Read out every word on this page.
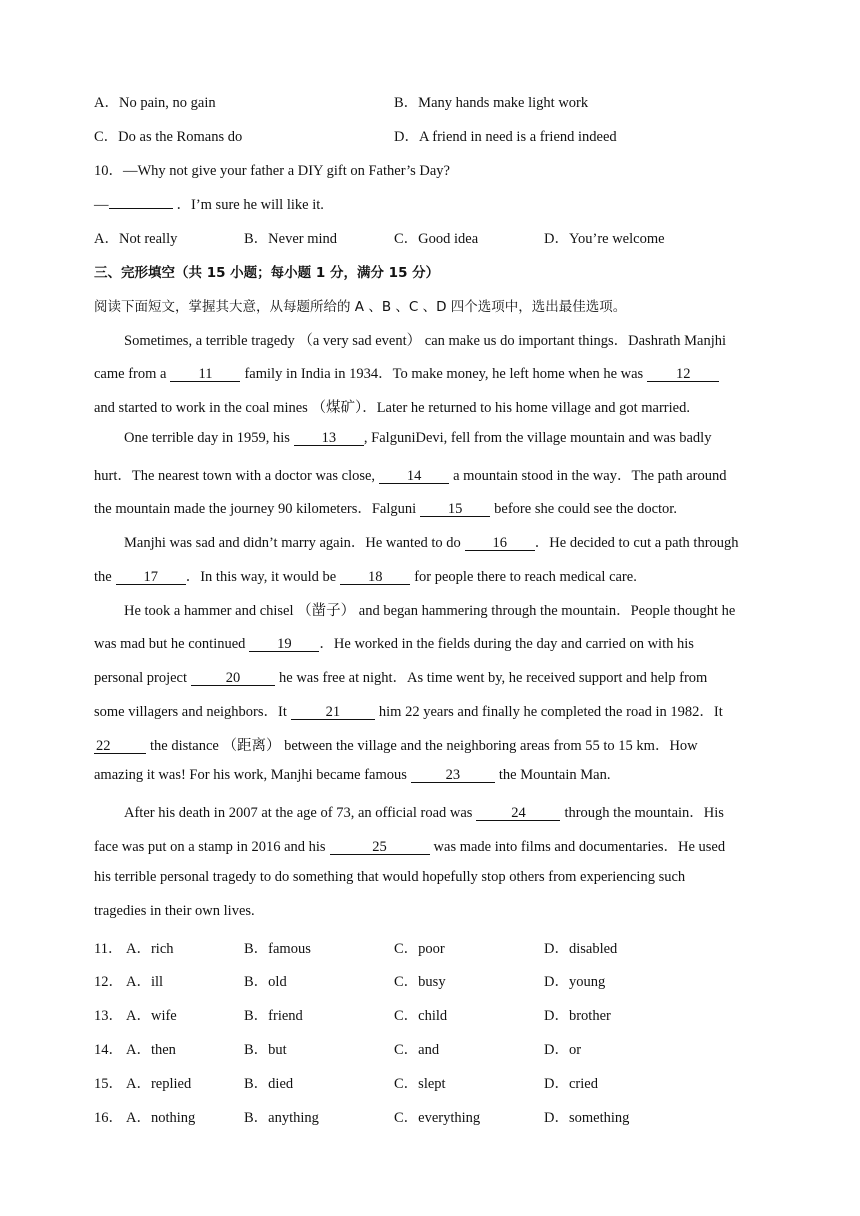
A．No pain, no gain	B．Many hands make light work
C．Do as the Romans do	D．A friend in need is a friend indeed
10．—Why not give your father a DIY gift on Father’s Day?
—	．I’m sure he will like it.
A．Not really	B．Never mind	C．Good idea	D．You’re welcome
三、完形填空（共 15 小题；每小题 1 分，满分 15 分）
阅读下面短文，掌握其大意，从每题所给的 A 、B 、C 、D 四个选项中，选出最佳选项。
Sometimes, a terrible tragedy （a very sad event） can make us do important things．Dashrath Manjhi
came from a 11 family in India in 1934．To make money, he left home when he was 12
and started to work in the coal mines （煤矿）．Later he returned to his home village and got married.
One terrible day in 1959, his 13 , FalguniDevi, fell from the village mountain and was badly
hurt．The nearest town with a doctor was close, 14 a mountain stood in the way．The path around
the mountain made the journey 90 kilometers．Falguni 15 before she could see the doctor.
Manjhi was sad and didn’t marry again．He wanted to do 16 ．He decided to cut a path through
the 17 ．In this way, it would be 18 for people there to reach medical care.
He took a hammer and chisel （凿子） and began hammering through the mountain．People thought he
was mad but he continued 19 ．He worked in the fields during the day and carried on with his
personal project	20	he was free at night．As time went by, he received support and help from
some villagers and neighbors．It	21	him 22 years and finally he completed the road in 1982．It
22	the distance （距离） between the village and the neighboring areas from 55 to 15 km．How
amazing it was! For his work, Manjhi became famous	23	the Mountain Man.
After his death in 2007 at the age of 73, an official road was	24	through the mountain．His
face was put on a stamp in 2016 and his	25	was made into films and documentaries．He used
his terrible personal tragedy to do something that would hopefully stop others from experiencing such
tragedies in their own lives.
11． A．rich	B．famous	C．poor	D．disabled
12． A．ill	B．old	C．busy	D．young
13． A．wife	B．friend	C．child	D．brother
14． A．then	B．but	C．and	D．or
15． A．replied	B．died	C．slept	D．cried
16． A．nothing	B．anything	C．everything	D．something
